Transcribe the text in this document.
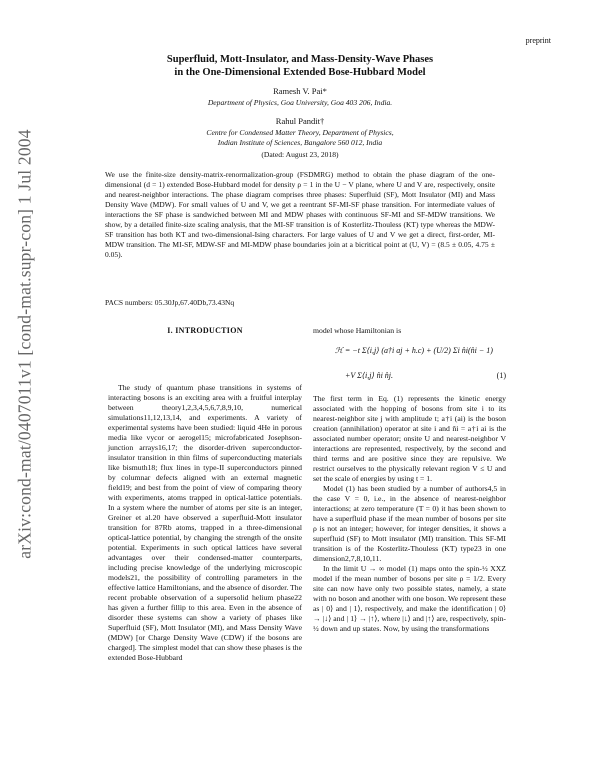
preprint
arXiv:cond-mat/0407011v1 [cond-mat.supr-con] 1 Jul 2004
Superfluid, Mott-Insulator, and Mass-Density-Wave Phases
in the One-Dimensional Extended Bose-Hubbard Model
Ramesh V. Pai*
Department of Physics, Goa University, Goa 403 206, India.
Rahul Pandit†
Centre for Condensed Matter Theory, Department of Physics,
Indian Institute of Sciences, Bangalore 560 012, India
(Dated: August 23, 2018)
We use the finite-size density-matrix-renormalization-group (FSDMRG) method to obtain the phase diagram of the one-dimensional (d = 1) extended Bose-Hubbard model for density ρ = 1 in the U − V plane, where U and V are, respectively, onsite and nearest-neighbor interactions. The phase diagram comprises three phases: Superfluid (SF), Mott Insulator (MI) and Mass Density Wave (MDW). For small values of U and V, we get a reentrant SF-MI-SF phase transition. For intermediate values of interactions the SF phase is sandwiched between MI and MDW phases with continuous SF-MI and SF-MDW transitions. We show, by a detailed finite-size scaling analysis, that the MI-SF transition is of Kosterlitz-Thouless (KT) type whereas the MDW-SF transition has both KT and two-dimensional-Ising characters. For large values of U and V we get a direct, first-order, MI-MDW transition. The MI-SF, MDW-SF and MI-MDW phase boundaries join at a bicritical point at (U, V) = (8.5 ± 0.05, 4.75 ± 0.05).
PACS numbers: 05.30Jp,67.40Db,73.43Nq
I. INTRODUCTION

The study of quantum phase transitions in systems of interacting bosons is an exciting area with a fruitful interplay between theory1,2,3,4,5,6,7,8,9,10, numerical simulations11,12,13,14, and experiments. A variety of experimental systems have been studied: liquid 4He in porous media like vycor or aerogel15; microfabricated Josephson-junction arrays16,17; the disorder-driven superconductor-insulator transition in thin films of superconducting materials like bismuth18; flux lines in type-II superconductors pinned by columnar defects aligned with an external magnetic field19; and best from the point of view of comparing theory with experiments, atoms trapped in optical-lattice potentials. In a system where the number of atoms per site is an integer, Greiner et al.20 have observed a superfluid-Mott insulator transition for 87Rb atoms, trapped in a three-dimensional optical-lattice potential, by changing the strength of the onsite potential. Experiments in such optical lattices have several advantages over their condensed-matter counterparts, including precise knowledge of the underlying microscopic models21, the possibility of controlling parameters in the effective lattice Hamiltonians, and the absence of disorder. The recent probable observation of a supersolid helium phase22 has given a further fillip to this area. Even in the absence of disorder these systems can show a variety of phases like Superfluid (SF), Mott Insulator (MI), and Mass Density Wave (MDW) [or Charge Density Wave (CDW) if the bosons are charged]. The simplest model that can show these phases is the extended Bose-Hubbard

model whose Hamiltonian is

ℋ = −t Σ⟨i,j⟩ (a†i aj + h.c) + (U/2) Σi n̂i(n̂i − 1)
+V Σ⟨i,j⟩ n̂i n̂j.	(1)

The first term in Eq. (1) represents the kinetic energy associated with the hopping of bosons from site i to its nearest-neighbor site j with amplitude t; a†i (ai) is the boson creation (annihilation) operator at site i and n̂i = a†i ai is the associated number operator; onsite U and nearest-neighbor V interactions are represented, respectively, by the second and third terms and are positive since they are repulsive. We restrict ourselves to the physically relevant region V ≤ U and set the scale of energies by using t = 1.

Model (1) has been studied by a number of authors4,5 in the case V = 0, i.e., in the absence of nearest-neighbor interactions; at zero temperature (T = 0) it has been shown to have a superfluid phase if the mean number of bosons per site ρ is not an integer; however, for integer densities, it shows a superfluid (SF) to Mott insulator (MI) transition. This SF-MI transition is of the Kosterlitz-Thouless (KT) type23 in one dimension2,7,8,10,11.

In the limit U → ∞ model (1) maps onto the spin-½ XXZ model if the mean number of bosons per site ρ = 1/2. Every site can now have only two possible states, namely, a state with no boson and another with one boson. We represent these as | 0⟩ and | 1⟩, respectively, and make the identification | 0⟩ → |↓⟩ and | 1⟩ → |↑⟩, where |↓⟩ and |↑⟩ are, respectively, spin-½ down and up states. Now, by using the transformations
